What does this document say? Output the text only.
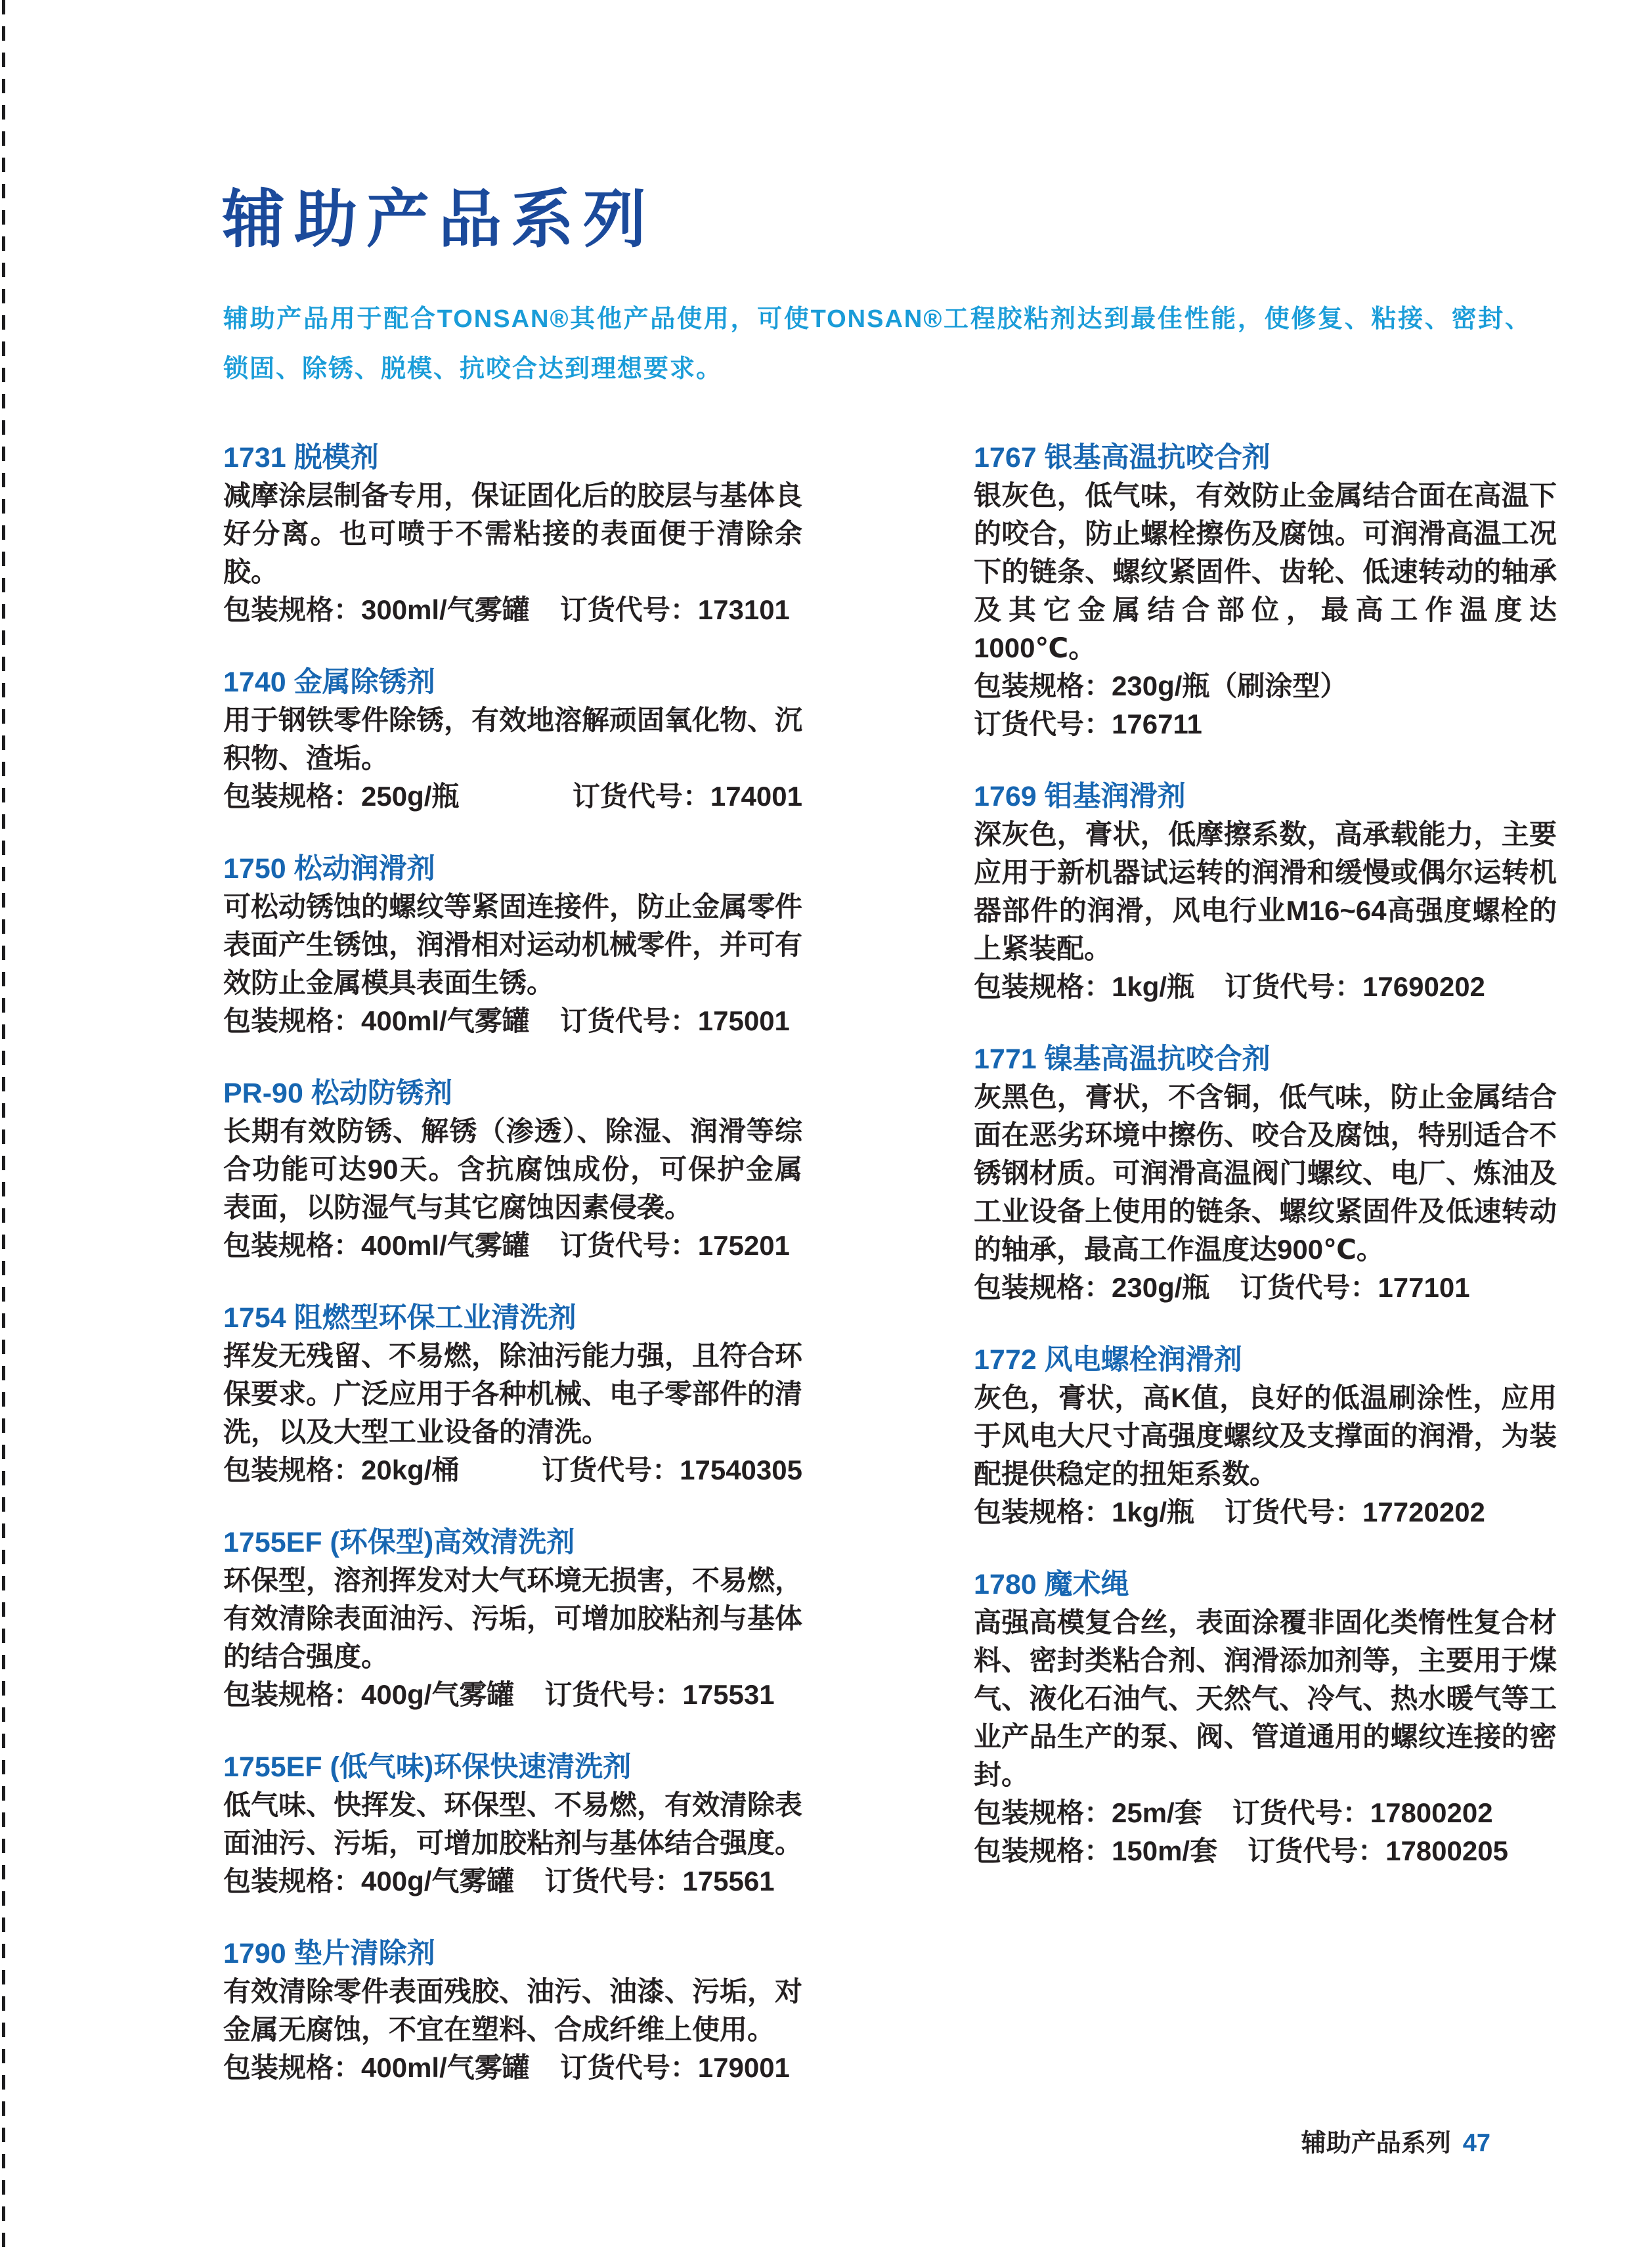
辅助产品系列

辅助产品用于配合TONSAN®其他产品使用，可使TONSAN®工程胶粘剂达到最佳性能，使修复、粘接、密封、锁固、除锈、脱模、抗咬合达到理想要求。

1731 脱模剂

减摩涂层制备专用，保证固化后的胶层与基体良好分离。也可喷于不需粘接的表面便于清除余胶。

包装规格：300ml/气雾罐 订货代号：173101

1740 金属除锈剂

用于钢铁零件除锈，有效地溶解顽固氧化物、沉积物、渣垢。

包装规格：250g/瓶	订货代号：174001

1750 松动润滑剂

可松动锈蚀的螺纹等紧固连接件，防止金属零件表面产生锈蚀，润滑相对运动机械零件，并可有效防止金属模具表面生锈。

包装规格：400ml/气雾罐 订货代号：175001

PR-90 松动防锈剂

长期有效防锈、解锈（渗透）、除湿、润滑等综合功能可达90天。含抗腐蚀成份，可保护金属表面，以防湿气与其它腐蚀因素侵袭。

包装规格：400ml/气雾罐 订货代号：175201

1754 阻燃型环保工业清洗剂

挥发无残留、不易燃，除油污能力强，且符合环保要求。广泛应用于各种机械、电子零部件的清洗，以及大型工业设备的清洗。

包装规格：20kg/桶	订货代号：17540305

1755EF (环保型)高效清洗剂

环保型，溶剂挥发对大气环境无损害，不易燃，有效清除表面油污、污垢，可增加胶粘剂与基体的结合强度。

包装规格：400g/气雾罐 订货代号：175531

1755EF (低气味)环保快速清洗剂

低气味、快挥发、环保型、不易燃，有效清除表面油污、污垢，可增加胶粘剂与基体结合强度。

包装规格：400g/气雾罐 订货代号：175561

1790 垫片清除剂

有效清除零件表面残胶、油污、油漆、污垢，对金属无腐蚀，不宜在塑料、合成纤维上使用。

包装规格：400ml/气雾罐 订货代号：179001

1767 银基高温抗咬合剂

银灰色，低气味，有效防止金属结合面在高温下的咬合，防止螺栓擦伤及腐蚀。可润滑高温工况下的链条、螺纹紧固件、齿轮、低速转动的轴承及其它金属结合部位，最高工作温度达1000℃。

包装规格：230g/瓶（刷涂型）

订货代号：176711

1769 钼基润滑剂

深灰色，膏状，低摩擦系数，高承载能力，主要应用于新机器试运转的润滑和缓慢或偶尔运转机器部件的润滑，风电行业M16~64高强度螺栓的上紧装配。

包装规格：1kg/瓶 订货代号：17690202

1771 镍基高温抗咬合剂

灰黑色，膏状，不含铜，低气味，防止金属结合面在恶劣环境中擦伤、咬合及腐蚀，特别适合不锈钢材质。可润滑高温阀门螺纹、电厂、炼油及工业设备上使用的链条、螺纹紧固件及低速转动的轴承，最高工作温度达900℃。

包装规格：230g/瓶 订货代号：177101

1772 风电螺栓润滑剂

灰色，膏状，高K值，良好的低温刷涂性，应用于风电大尺寸高强度螺纹及支撑面的润滑，为装配提供稳定的扭矩系数。

包装规格：1kg/瓶 订货代号：17720202

1780 魔术绳

高强高模复合丝，表面涂覆非固化类惰性复合材料、密封类粘合剂、润滑添加剂等，主要用于煤气、液化石油气、天然气、冷气、热水暖气等工业产品生产的泵、阀、管道通用的螺纹连接的密封。

包装规格：25m/套 订货代号：17800202

包装规格：150m/套 订货代号：17800205

辅助产品系列 47
